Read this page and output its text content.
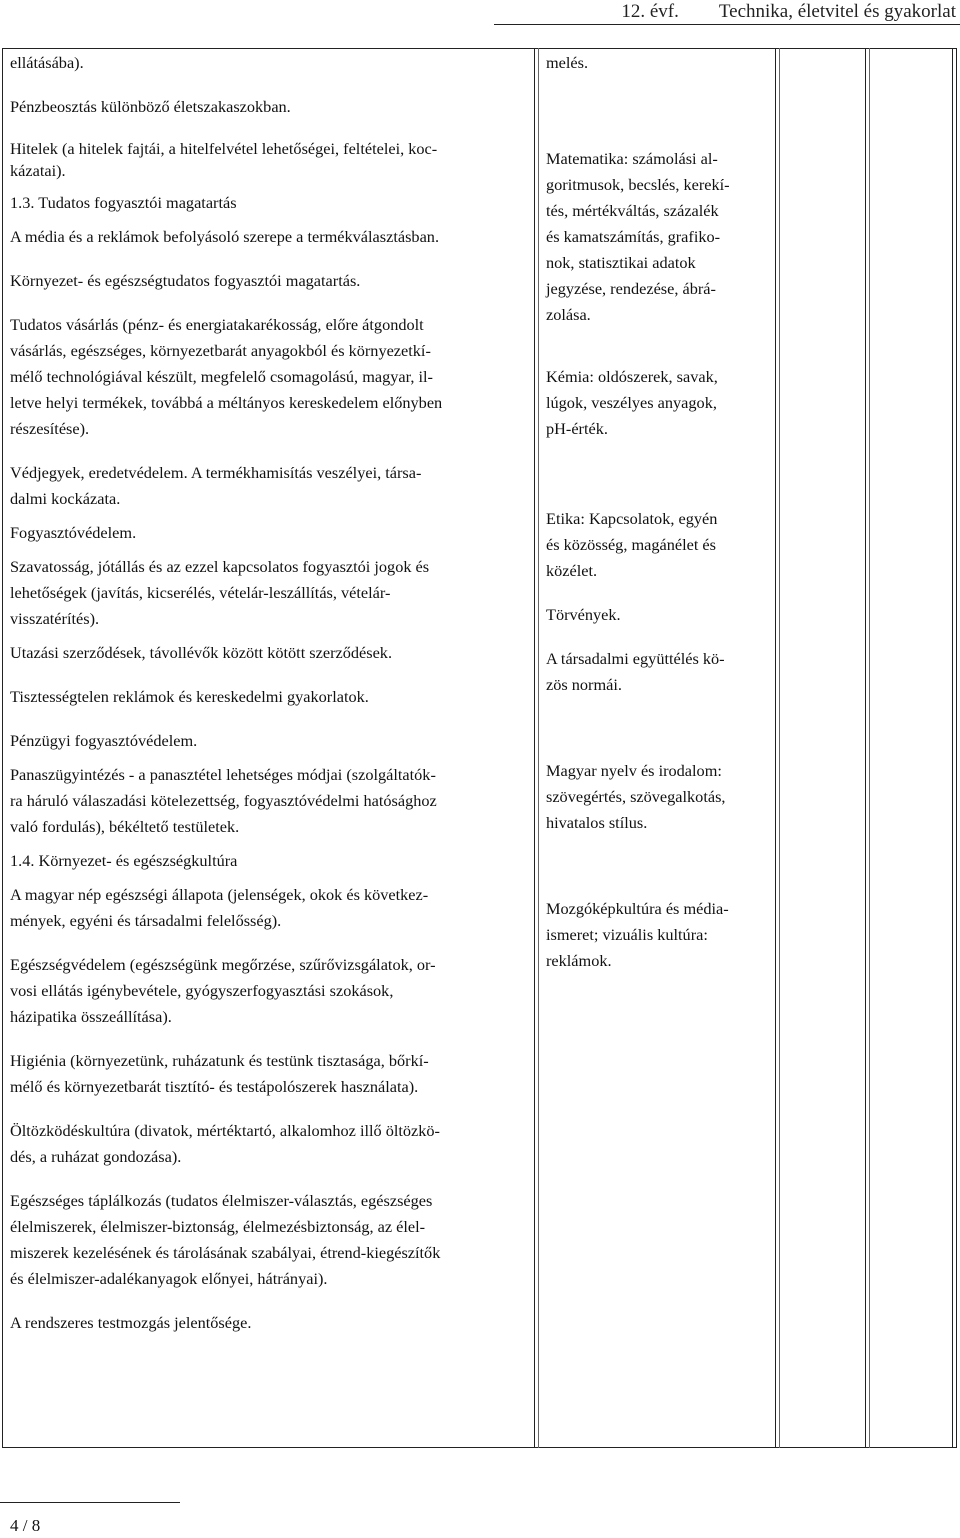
12. évf. Technika, életvitel és gyakorlat

ellátásába).

Pénzbeosztás különböző életszakaszokban.

Hitelek (a hitelek fajtái, a hitelfelvétel lehetőségei, feltételei, koc-

kázatai).

1.3. Tudatos fogyasztói magatartás

A média és a reklámok befolyásoló szerepe a termékválasztásban.

Környezet- és egészségtudatos fogyasztói magatartás.

Tudatos vásárlás (pénz- és energiatakarékosság, előre átgondolt

vásárlás, egészséges, környezetbarát anyagokból és környezetkí-

mélő technológiával készült, megfelelő csomagolású, magyar, il-

letve helyi termékek, továbbá a méltányos kereskedelem előnyben

részesítése).

Védjegyek, eredetvédelem. A termékhamisítás veszélyei, társa-

dalmi kockázata.

Fogyasztóvédelem.

Szavatosság, jótállás és az ezzel kapcsolatos fogyasztói jogok és

lehetőségek (javítás, kicserélés, vételár-leszállítás, vételár-

visszatérítés).

Utazási szerződések, távollévők között kötött szerződések.

Tisztességtelen reklámok és kereskedelmi gyakorlatok.

Pénzügyi fogyasztóvédelem.

Panaszügyintézés - a panasztétel lehetséges módjai (szolgáltatók-

ra háruló válaszadási kötelezettség, fogyasztóvédelmi hatósághoz

való fordulás), békéltető testületek.

1.4. Környezet- és egészségkultúra

A magyar nép egészségi állapota (jelenségek, okok és következ-

mények, egyéni és társadalmi felelősség).

Egészségvédelem (egészségünk megőrzése, szűrővizsgálatok, or-

vosi ellátás igénybevétele, gyógyszerfogyasztási szokások,

házipatika összeállítása).

Higiénia (környezetünk, ruházatunk és testünk tisztasága, bőrkí-

mélő és környezetbarát tisztító- és testápolószerek használata).

Öltözködéskultúra (divatok, mértéktartó, alkalomhoz illő öltözkö-

dés, a ruházat gondozása).

Egészséges táplálkozás (tudatos élelmiszer-választás, egészséges

élelmiszerek, élelmiszer-biztonság, élelmezésbiztonság, az élel-

miszerek kezelésének és tárolásának szabályai, étrend-kiegészítők

és élelmiszer-adalékanyagok előnyei, hátrányai).

A rendszeres testmozgás jelentősége.

melés.

Matematika: számolási al-

goritmusok, becslés, kerekí-

tés, mértékváltás, százalék

és kamatszámítás, grafiko-

nok, statisztikai adatok

jegyzése, rendezése, ábrá-

zolása.

Kémia: oldószerek, savak,

lúgok, veszélyes anyagok,

pH-érték.

Etika: Kapcsolatok, egyén

és közösség, magánélet és

közélet.

Törvények.

A társadalmi együttélés kö-

zös normái.

Magyar nyelv és irodalom:

szövegértés, szövegalkotás,

hivatalos stílus.

Mozgóképkultúra és média-

ismeret; vizuális kultúra:

reklámok.

4 / 8
